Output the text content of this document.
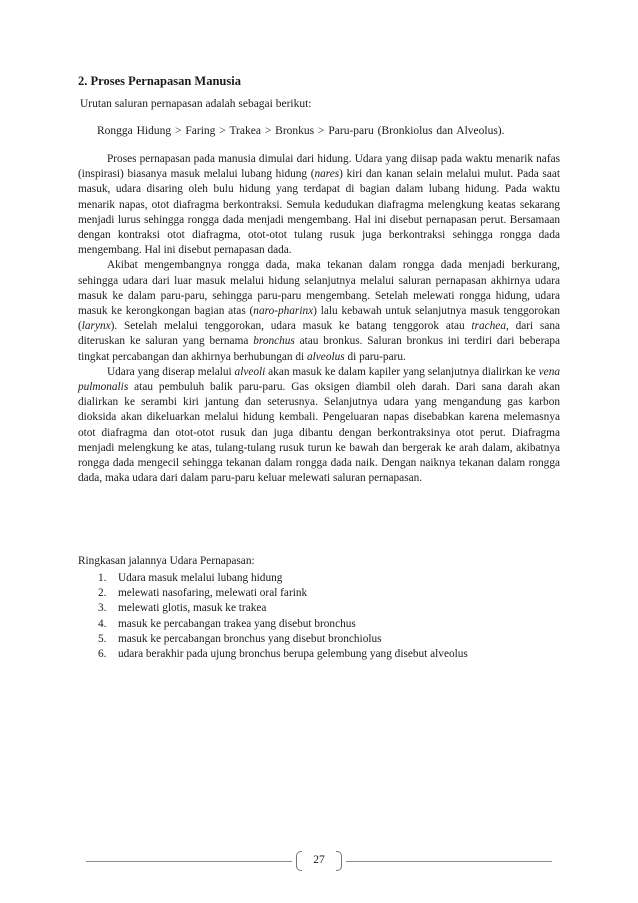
2. Proses Pernapasan Manusia
Urutan saluran pernapasan adalah sebagai berikut:
Rongga Hidung > Faring > Trakea > Bronkus > Paru-paru (Bronkiolus dan Alveolus).

Proses pernapasan pada manusia dimulai dari hidung. Udara yang diisap pada waktu menarik nafas (inspirasi) biasanya masuk melalui lubang hidung (nares) kiri dan kanan selain melalui mulut. Pada saat masuk, udara disaring oleh bulu hidung yang terdapat di bagian dalam lubang hidung. Pada waktu menarik napas, otot diafragma berkontraksi. Semula kedudukan diafragma melengkung keatas sekarang menjadi lurus sehingga rongga dada menjadi mengembang. Hal ini disebut pernapasan perut. Bersamaan dengan kontraksi otot diafragma, otot-otot tulang rusuk juga berkontraksi sehingga rongga dada mengembang. Hal ini disebut pernapasan dada.

Akibat mengembangnya rongga dada, maka tekanan dalam rongga dada menjadi berkurang, sehingga udara dari luar masuk melalui hidung selanjutnya melalui saluran pernapasan akhirnya udara masuk ke dalam paru-paru, sehingga paru-paru mengembang. Setelah melewati rongga hidung, udara masuk ke kerongkongan bagian atas (naro-pharinx) lalu kebawah untuk selanjutnya masuk tenggorokan (larynx). Setelah melalui tenggorokan, udara masuk ke batang tenggorok atau trachea, dari sana diteruskan ke saluran yang bernama bronchus atau bronkus. Saluran bronkus ini terdiri dari beberapa tingkat percabangan dan akhirnya berhubungan di alveolus di paru-paru.

Udara yang diserap melalui alveoli akan masuk ke dalam kapiler yang selanjutnya dialirkan ke vena pulmonalis atau pembuluh balik paru-paru. Gas oksigen diambil oleh darah. Dari sana darah akan dialirkan ke serambi kiri jantung dan seterusnya. Selanjutnya udara yang mengandung gas karbon dioksida akan dikeluarkan melalui hidung kembali. Pengeluaran napas disebabkan karena melemasnya otot diafragma dan otot-otot rusuk dan juga dibantu dengan berkontraksinya otot perut. Diafragma menjadi melengkung ke atas, tulang-tulang rusuk turun ke bawah dan bergerak ke arah dalam, akibatnya rongga dada mengecil sehingga tekanan dalam rongga dada naik. Dengan naiknya tekanan dalam rongga dada, maka udara dari dalam paru-paru keluar melewati saluran pernapasan.

Ringkasan jalannya Udara Pernapasan:
1. Udara masuk melalui lubang hidung
2. melewati nasofaring, melewati oral farink
3. melewati glotis, masuk ke trakea
4. masuk ke percabangan trakea yang disebut bronchus
5. masuk ke percabangan bronchus yang disebut bronchiolus
6. udara berakhir pada ujung bronchus berupa gelembung yang disebut alveolus
27
